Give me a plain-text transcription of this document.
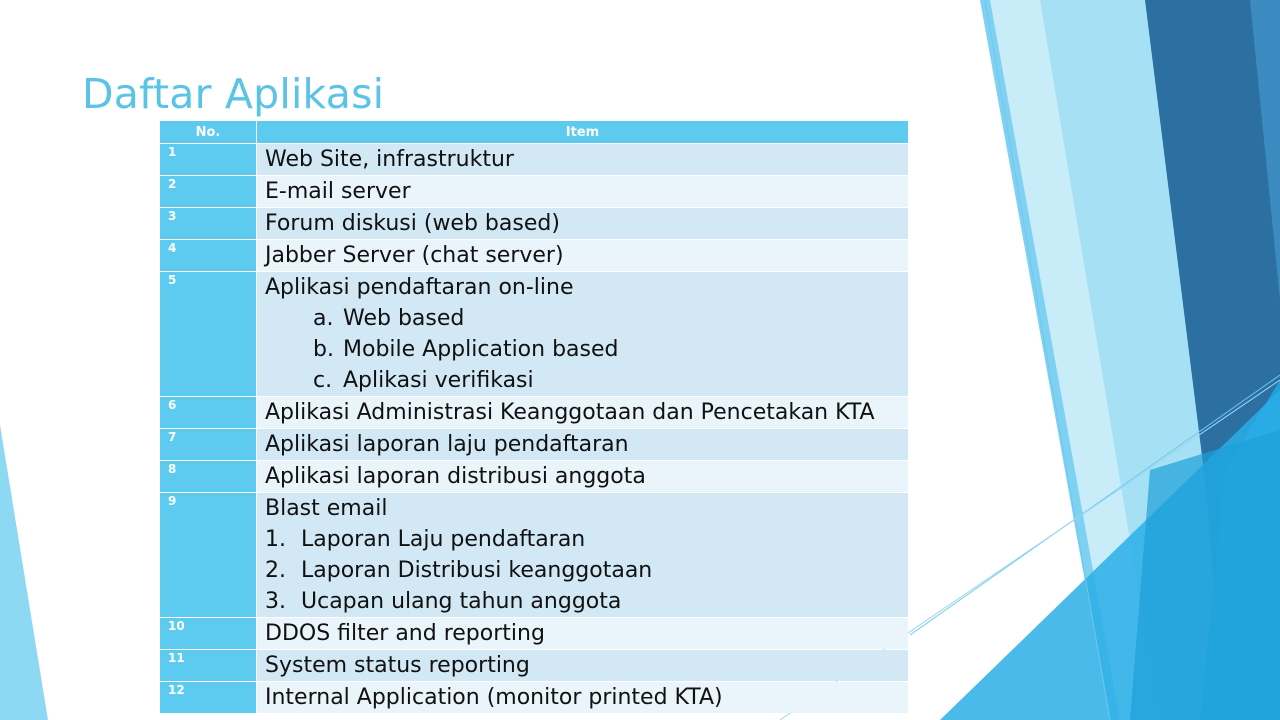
Daftar Aplikasi
No.	Item
1	Web Site, infrastruktur

2	E-mail server

3	Forum diskusi (web based)

4	Jabber Server (chat server)

5	Aplikasi pendaftaran on-line
a. Web based
b. Mobile Application based
c. Aplikasi verifikasi

6	Aplikasi Administrasi Keanggotaan dan Pencetakan KTA

7	Aplikasi laporan laju pendaftaran

8	Aplikasi laporan distribusi anggota

9	Blast email
1. Laporan Laju pendaftaran
2. Laporan Distribusi keanggotaan
3. Ucapan ulang tahun anggota

10	DDOS filter and reporting

11	System status reporting

12	Internal Application (monitor printed KTA)
